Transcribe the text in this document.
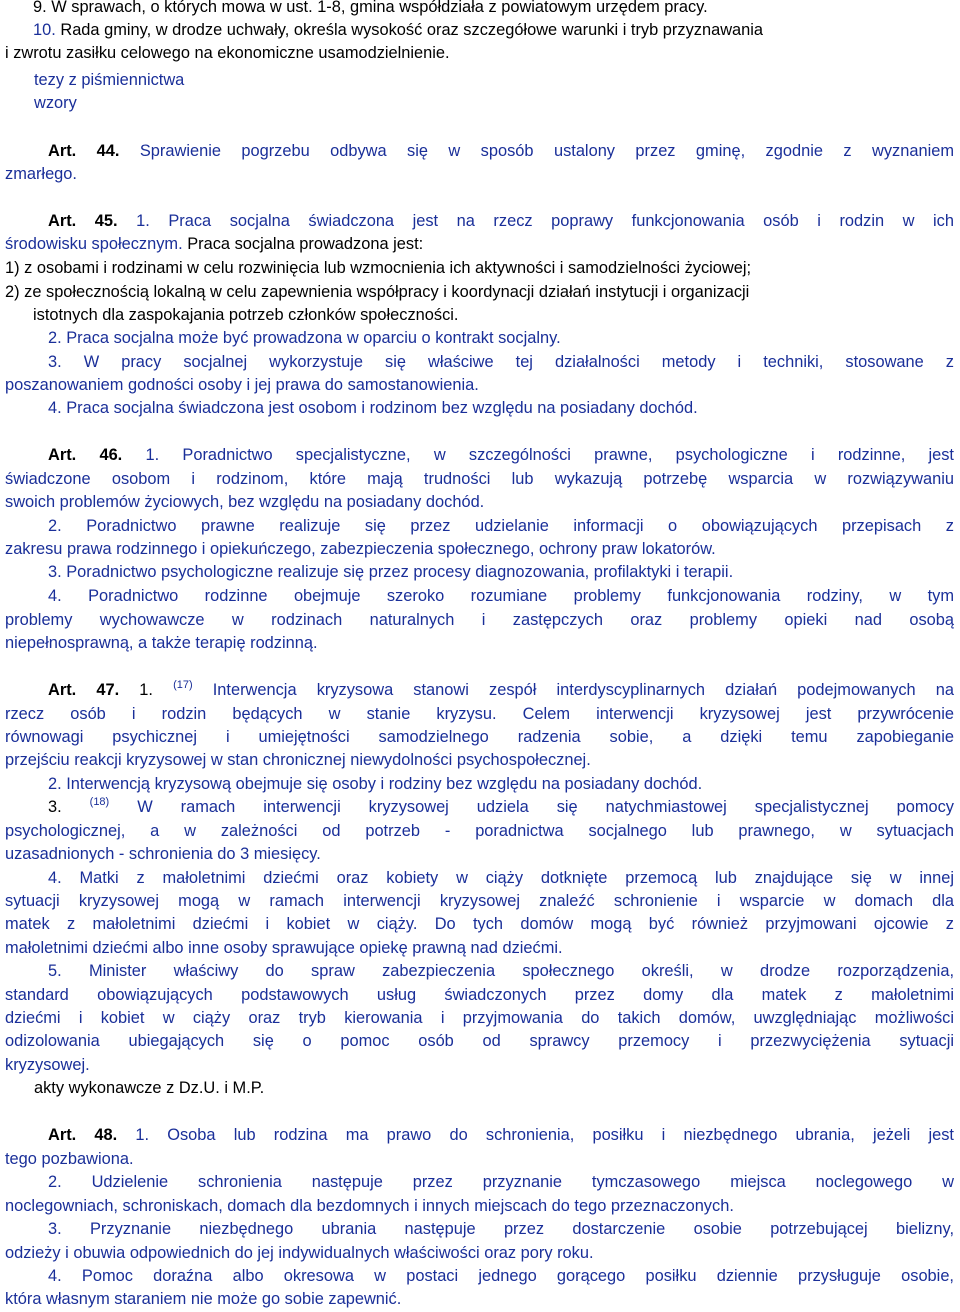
9. W sprawach, o których mowa w ust. 1-8, gmina współdziała z powiatowym urzędem pracy.
10. Rada gminy, w drodze uchwały, określa wysokość oraz szczegółowe warunki i tryb przyznawania
i zwrotu zasiłku celowego na ekonomiczne usamodzielnienie.
tezy z piśmiennictwa
wzory
Art. 44. Sprawienie pogrzebu odbywa się w sposób ustalony przez gminę, zgodnie z wyznaniem
zmarłego.
Art. 45. 1. Praca socjalna świadczona jest na rzecz poprawy funkcjonowania osób i rodzin w ich
środowisku społecznym. Praca socjalna prowadzona jest:
1) z osobami i rodzinami w celu rozwinięcia lub wzmocnienia ich aktywności i samodzielności życiowej;
2) ze społecznością lokalną w celu zapewnienia współpracy i koordynacji działań instytucji i organizacji
istotnych dla zaspokajania potrzeb członków społeczności.
2. Praca socjalna może być prowadzona w oparciu o kontrakt socjalny.
3. W pracy socjalnej wykorzystuje się właściwe tej działalności metody i techniki, stosowane z
poszanowaniem godności osoby i jej prawa do samostanowienia.
4. Praca socjalna świadczona jest osobom i rodzinom bez względu na posiadany dochód.
Art. 46. 1. Poradnictwo specjalistyczne, w szczególności prawne, psychologiczne i rodzinne, jest
świadczone osobom i rodzinom, które mają trudności lub wykazują potrzebę wsparcia w rozwiązywaniu
swoich problemów życiowych, bez względu na posiadany dochód.
2. Poradnictwo prawne realizuje się przez udzielanie informacji o obowiązujących przepisach z
zakresu prawa rodzinnego i opiekuńczego, zabezpieczenia społecznego, ochrony praw lokatorów.
3. Poradnictwo psychologiczne realizuje się przez procesy diagnozowania, profilaktyki i terapii.
4. Poradnictwo rodzinne obejmuje szeroko rozumiane problemy funkcjonowania rodziny, w tym
problemy wychowawcze w rodzinach naturalnych i zastępczych oraz problemy opieki nad osobą
niepełnosprawną, a także terapię rodzinną.
Art. 47. 1. $^{(17)}$ Interwencja kryzysowa stanowi zespół interdyscyplinarnych działań podejmowanych na
rzecz osób i rodzin będących w stanie kryzysu. Celem interwencji kryzysowej jest przywrócenie
równowagi psychicznej i umiejętności samodzielnego radzenia sobie, a dzięki temu zapobieganie
przejściu reakcji kryzysowej w stan chronicznej niewydolności psychospołecznej.
2. Interwencją kryzysową obejmuje się osoby i rodziny bez względu na posiadany dochód.
3.	$^{(18)}$ W ramach interwencji kryzysowej udziela się natychmiastowej specjalistycznej pomocy
psychologicznej, a w zależności od potrzeb - poradnictwa socjalnego lub prawnego, w sytuacjach
uzasadnionych - schronienia do 3 miesięcy.
4. Matki z małoletnimi dziećmi oraz kobiety w ciąży dotknięte przemocą lub znajdujące się w innej
sytuacji kryzysowej mogą w ramach interwencji kryzysowej znaleźć schronienie i wsparcie w domach dla
matek z małoletnimi dziećmi i kobiet w ciąży. Do tych domów mogą być również przyjmowani ojcowie z
małoletnimi dziećmi albo inne osoby sprawujące opiekę prawną nad dziećmi.
5. Minister właściwy do spraw zabezpieczenia społecznego określi, w drodze rozporządzenia,
standard obowiązujących podstawowych usług świadczonych przez domy dla matek z małoletnimi
dziećmi i kobiet w ciąży oraz tryb kierowania i przyjmowania do takich domów, uwzględniając możliwości
odizolowania ubiegających się o pomoc osób od sprawcy przemocy i przezwyciężenia sytuacji
kryzysowej.
akty wykonawcze z Dz.U. i M.P.
Art. 48. 1. Osoba lub rodzina ma prawo do schronienia, posiłku i niezbędnego ubrania, jeżeli jest
tego pozbawiona.
2. Udzielenie schronienia następuje przez przyznanie tymczasowego miejsca noclegowego w
noclegowniach, schroniskach, domach dla bezdomnych i innych miejscach do tego przeznaczonych.
3. Przyznanie niezbędnego ubrania następuje przez dostarczenie osobie potrzebującej bielizny,
odzieży i obuwia odpowiednich do jej indywidualnych właściwości oraz pory roku.
4. Pomoc doraźna albo okresowa w postaci jednego gorącego posiłku dziennie przysługuje osobie,
która własnym staraniem nie może go sobie zapewnić.
